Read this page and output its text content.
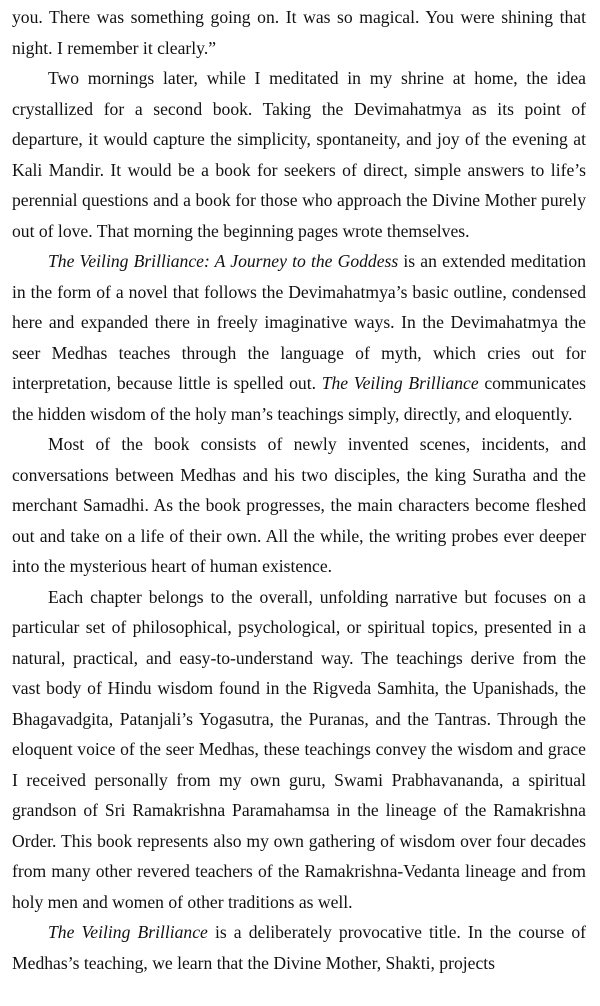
you. There was something going on. It was so magical. You were shining that night. I remember it clearly.”

Two mornings later, while I meditated in my shrine at home, the idea crystallized for a second book. Taking the Devimahatmya as its point of departure, it would capture the simplicity, spontaneity, and joy of the evening at Kali Mandir. It would be a book for seekers of direct, simple answers to life’s perennial questions and a book for those who approach the Divine Mother purely out of love. That morning the beginning pages wrote themselves.

The Veiling Brilliance: A Journey to the Goddess is an extended meditation in the form of a novel that follows the Devimahatmya’s basic outline, condensed here and expanded there in freely imaginative ways. In the Devimahatmya the seer Medhas teaches through the language of myth, which cries out for interpretation, because little is spelled out. The Veiling Brilliance communicates the hidden wisdom of the holy man’s teachings simply, directly, and eloquently.

Most of the book consists of newly invented scenes, incidents, and conversations between Medhas and his two disciples, the king Suratha and the merchant Samadhi. As the book progresses, the main characters become fleshed out and take on a life of their own. All the while, the writing probes ever deeper into the mysterious heart of human existence.

Each chapter belongs to the overall, unfolding narrative but focuses on a particular set of philosophical, psychological, or spiritual topics, presented in a natural, practical, and easy-to-understand way. The teachings derive from the vast body of Hindu wisdom found in the Rigveda Samhita, the Upanishads, the Bhagavadgita, Patanjali’s Yogasutra, the Puranas, and the Tantras. Through the eloquent voice of the seer Medhas, these teachings convey the wisdom and grace I received personally from my own guru, Swami Prabhavananda, a spiritual grandson of Sri Ramakrishna Paramahamsa in the lineage of the Ramakrishna Order. This book represents also my own gathering of wisdom over four decades from many other revered teachers of the Ramakrishna-Vedanta lineage and from holy men and women of other traditions as well.

The Veiling Brilliance is a deliberately provocative title. In the course of Medhas’s teaching, we learn that the Divine Mother, Shakti, projects
